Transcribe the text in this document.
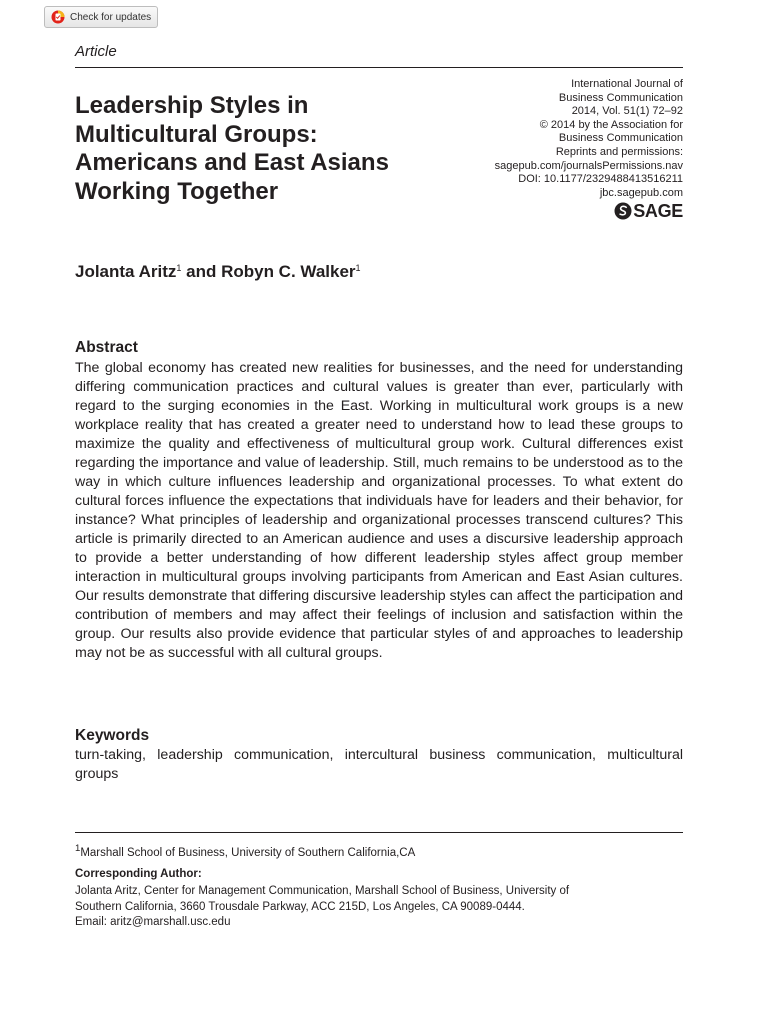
Check for updates
Article
Leadership Styles in
Multicultural Groups:
Americans and East Asians
Working Together
International Journal of
Business Communication
2014, Vol. 51(1) 72–92
© 2014 by the Association for
Business Communication
Reprints and permissions:
sagepub.com/journalsPermissions.nav
DOI: 10.1177/2329488413516211
jbc.sagepub.com
SAGE
Jolanta Aritz$^1$ and Robyn C. Walker$^1$
Abstract

The global economy has created new realities for businesses, and the need for understanding differing communication practices and cultural values is greater than ever, particularly with regard to the surging economies in the East. Working in multicultural work groups is a new workplace reality that has created a greater need to understand how to lead these groups to maximize the quality and effectiveness of multicultural group work. Cultural differences exist regarding the importance and value of leadership. Still, much remains to be understood as to the way in which culture influences leadership and organizational processes. To what extent do cultural forces influence the expectations that individuals have for leaders and their behavior, for instance? What principles of leadership and organizational processes transcend cultures? This article is primarily directed to an American audience and uses a discursive leadership approach to provide a better understanding of how different leadership styles affect group member interaction in multicultural groups involving participants from American and East Asian cultures. Our results demonstrate that differing discursive leadership styles can affect the participation and contribution of members and may affect their feelings of inclusion and satisfaction within the group. Our results also provide evidence that particular styles of and approaches to leadership may not be as successful with all cultural groups.

Keywords

turn-taking, leadership communication, intercultural business communication, multicultural groups

$^1$Marshall School of Business, University of Southern California,CA
Corresponding Author:

Jolanta Aritz, Center for Management Communication, Marshall School of Business, University of
Southern California, 3660 Trousdale Parkway, ACC 215D, Los Angeles, CA 90089-0444.
Email: aritz@marshall.usc.edu
